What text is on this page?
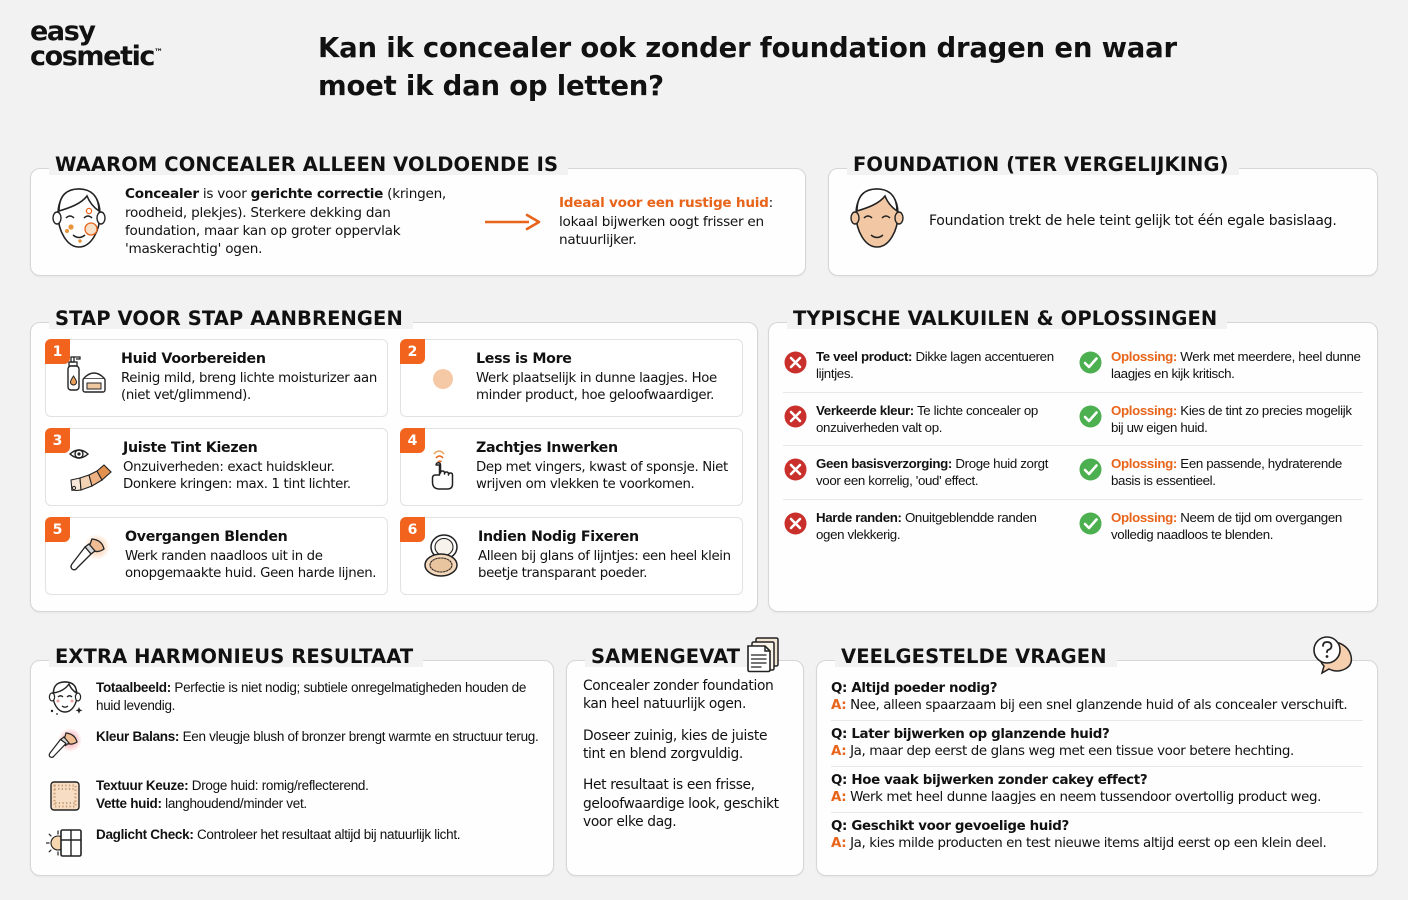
easy
cosmetic™	Kan ik concealer ook zonder foundation dragen en waar moet ik dan op letten?
WAAROM CONCEALER ALLEEN VOLDOENDE IS
Concealer is voor gerichte correctie (kringen, roodheid, plekjes). Sterkere dekking dan foundation, maar kan op groter oppervlak 'maskerachtig' ogen.
Ideaal voor een rustige huid: lokaal bijwerken oogt frisser en natuurlijker.
FOUNDATION (TER VERGELIJKING)
Foundation trekt de hele teint gelijk tot één egale basislaag.
STAP VOOR STAP AANBRENGEN
1	Huid Voorbereiden
Reinig mild, breng lichte moisturizer aan (niet vet/glimmend).
2	Less is More
Werk plaatselijk in dunne laagjes. Hoe minder product, hoe geloofwaardiger.
3	Juiste Tint Kiezen
Onzuiverheden: exact huidskleur. Donkere kringen: max. 1 tint lichter.
4	Zachtjes Inwerken
Dep met vingers, kwast of sponsje. Niet wrijven om vlekken te voorkomen.
5	Overgangen Blenden
Werk randen naadloos uit in de onopgemaakte huid. Geen harde lijnen.
6	Indien Nodig Fixeren
Alleen bij glans of lijntjes: een heel klein beetje transparant poeder.
TYPISCHE VALKUILEN & OPLOSSINGEN
Te veel product: Dikke lagen accentueren lijntjes.
Oplossing: Werk met meerdere, heel dunne laagjes en kijk kritisch.
Verkeerde kleur: Te lichte concealer op onzuiverheden valt op.
Oplossing: Kies de tint zo precies mogelijk bij uw eigen huid.
Geen basisverzorging: Droge huid zorgt voor een korrelig, 'oud' effect.
Oplossing: Een passende, hydraterende basis is essentieel.
Harde randen: Onuitgeblendde randen ogen vlekkerig.
Oplossing: Neem de tijd om overgangen volledig naadloos te blenden.
EXTRA HARMONIEUS RESULTAAT
Totaalbeeld: Perfectie is niet nodig; subtiele onregelmatigheden houden de huid levendig.
Kleur Balans: Een vleugje blush of bronzer brengt warmte en structuur terug.
Textuur Keuze: Droge huid: romig/reflecterend.
Vette huid: langhoudend/minder vet.
Daglicht Check: Controleer het resultaat altijd bij natuurlijk licht.
SAMENGEVAT
Concealer zonder foundation kan heel natuurlijk ogen.
Doseer zuinig, kies de juiste tint en blend zorgvuldig.
Het resultaat is een frisse, geloofwaardige look, geschikt voor elke dag.
VEELGESTELDE VRAGEN
Q: Altijd poeder nodig?
A: Nee, alleen spaarzaam bij een snel glanzende huid of als concealer verschuift.
Q: Later bijwerken op glanzende huid?
A: Ja, maar dep eerst de glans weg met een tissue voor betere hechting.
Q: Hoe vaak bijwerken zonder cakey effect?
A: Werk met heel dunne laagjes en neem tussendoor overtollig product weg.
Q: Geschikt voor gevoelige huid?
A: Ja, kies milde producten en test nieuwe items altijd eerst op een klein deel.
